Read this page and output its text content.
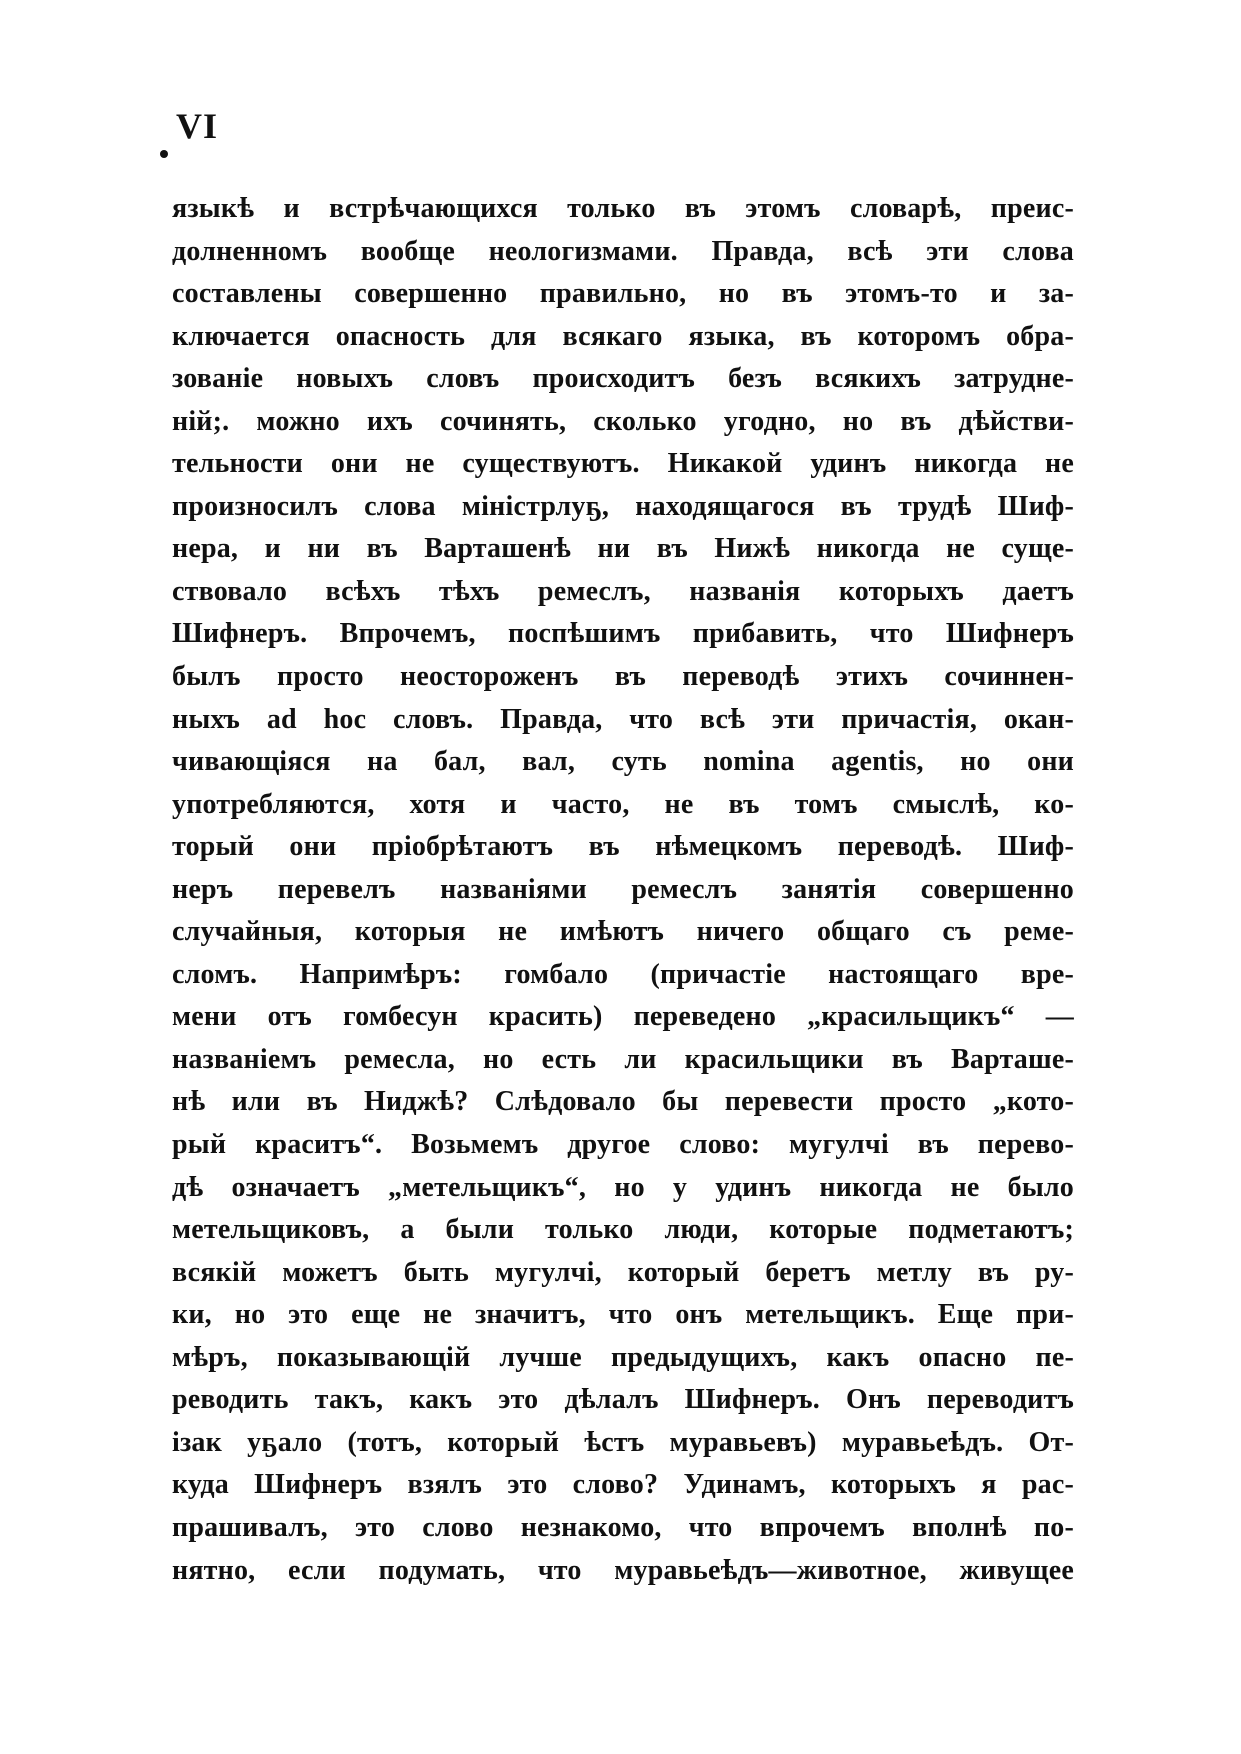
VI
языкѣ и встрѣчающихся только въ этомъ словарѣ, преис-
долненномъ вообще неологизмами. Правда, всѣ эти слова
составлены совершенно правильно, но въ этомъ-то и за-
ключается опасность для всякаго языка, въ которомъ обра-
зованіе новыхъ словъ происходитъ безъ всякихъ затрудне-
ній;. можно ихъ сочинять, сколько угодно, но въ дѣйстви-
тельности они не существуютъ. Никакой удинъ никогда не
произносилъ слова міністрлуҕ, находящагося въ трудѣ Шиф-
нера, и ни въ Варташенѣ ни въ Нижѣ никогда не суще-
ствовало всѣхъ тѣхъ ремеслъ, названія которыхъ даетъ
Шифнеръ. Впрочемъ, поспѣшимъ прибавить, что Шифнеръ
былъ просто неостороженъ въ переводѣ этихъ сочиннен-
ныхъ ad hoc словъ. Правда, что всѣ эти причастія, окан-
чивающіяся на бал, вал, суть nomina agentis, но они
употребляются, хотя и часто, не въ томъ смыслѣ, ко-
торый они пріобрѣтаютъ въ нѣмецкомъ переводѣ. Шиф-
неръ перевелъ названіями ремеслъ занятія совершенно
случайныя, которыя не имѣютъ ничего общаго съ реме-
сломъ. Напримѣръ: гомбало (причастіе настоящаго вре-
мени отъ гомбесун красить) переведено „красильщикъ“ —
названіемъ ремесла, но есть ли красильщики въ Варташе-
нѣ или въ Ниджѣ? Слѣдовало бы перевести просто „кото-
рый краситъ“. Возьмемъ другое слово: мугулчі въ перево-
дѣ означаетъ „метельщикъ“, но у удинъ никогда не было
метельщиковъ, а были только люди, которые подметаютъ;
всякій можетъ быть мугулчі, который беретъ метлу въ ру-
ки, но это еще не значитъ, что онъ метельщикъ. Еще при-
мѣръ, показывающій лучше предыдущихъ, какъ опасно пе-
реводить такъ, какъ это дѣлалъ Шифнеръ. Онъ переводитъ
ізак уҕало (тотъ, который ѣстъ муравьевъ) муравьеѣдъ. От-
куда Шифнеръ взялъ это слово? Удинамъ, которыхъ я рас-
прашивалъ, это слово незнакомо, что впрочемъ вполнѣ по-
нятно, если подумать, что муравьеѣдъ—животное, живущее
